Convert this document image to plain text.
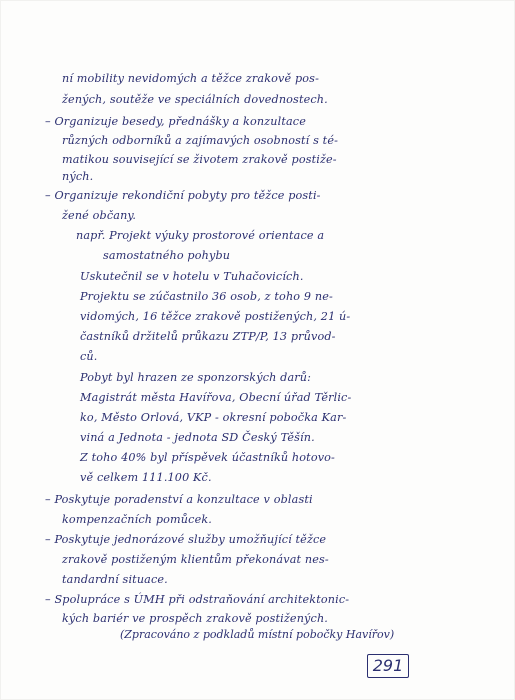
ní mobility nevidomých a těžce zrakově pos-
žených, soutěže ve speciálních dovednostech.
– Organizuje besedy, přednášky a konzultace
různých odborníků a zajímavých osobností s té-
matikou související se životem zrakově postiže-
ných.
– Organizuje rekondiční pobyty pro těžce posti-
žené občany.
např. Projekt výuky prostorové orientace a
samostatného pohybu
Uskutečnil se v hotelu v Tuhačovicích.
Projektu se zúčastnilo 36 osob, z toho 9 ne-
vidomých, 16 těžce zrakově postižených, 21 ú-
častníků držitelů průkazu ZTP/P, 13 průvod-
ců.
Pobyt byl hrazen ze sponzorských darů:
Magistrát města Havířova, Obecní úřad Těrlic-
ko, Město Orlová, VKP - okresní pobočka Kar-
viná a Jednota - jednota SD Český Těšín.
Z toho 40% byl příspěvek účastníků hotovo-
vě celkem 111.100 Kč.
– Poskytuje poradenství a konzultace v oblasti
kompenzačních pomůcek.
– Poskytuje jednorázové služby umožňující těžce
zrakově postiženým klientům překonávat nes-
tandardní situace.
– Spolupráce s ÚMH při odstraňování architektonic-
kých bariér ve prospěch zrakově postižených.
(Zpracováno z podkladů místní pobočky Havířov)
291
